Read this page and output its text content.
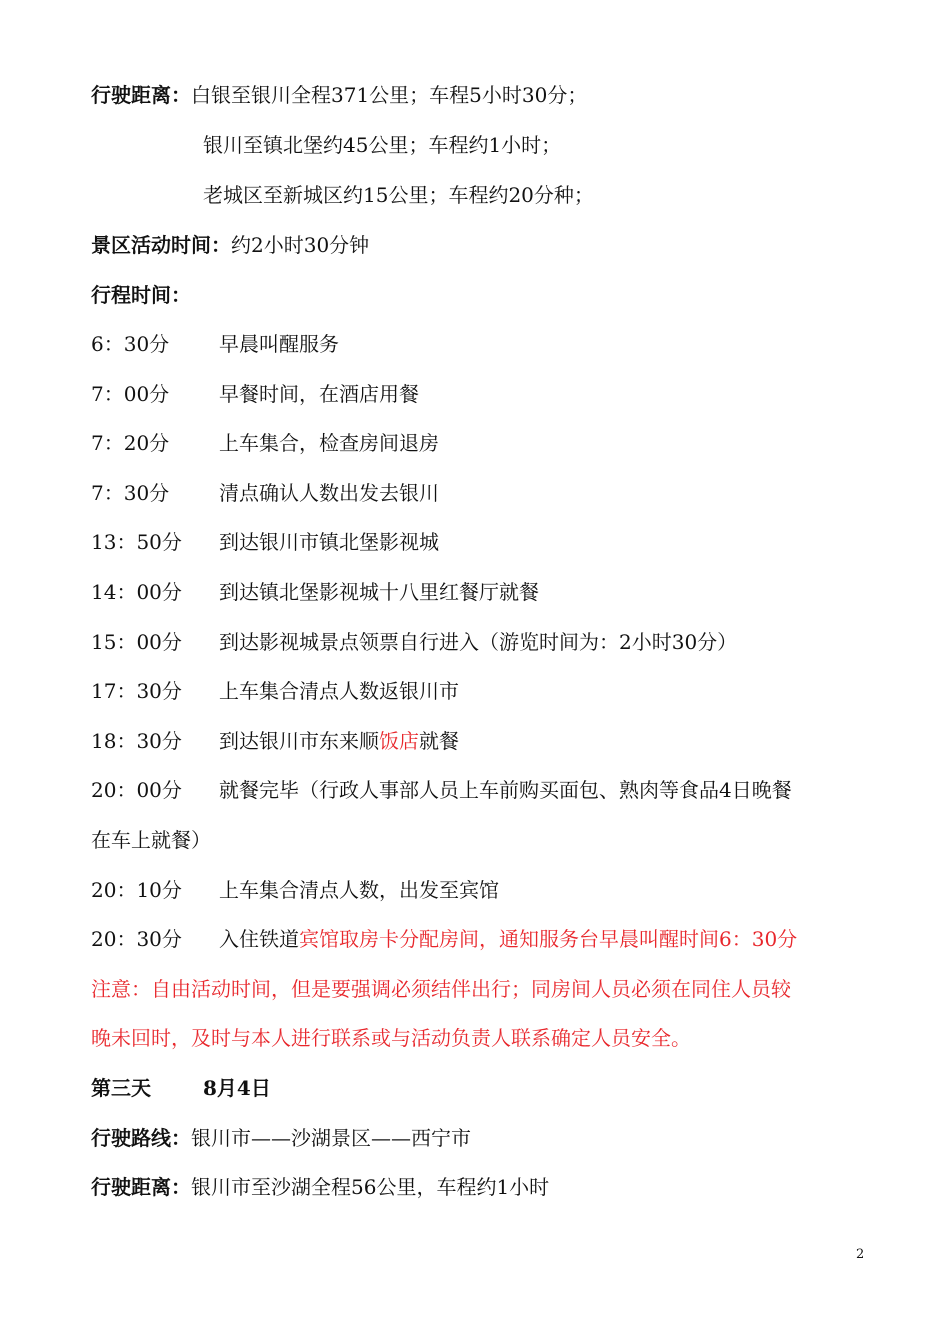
行驶距离：白银至银川全程371公里；车程5小时30分；
银川至镇北堡约45公里；车程约1小时；
老城区至新城区约15公里；车程约20分种；
景区活动时间：约2小时30分钟
行程时间：
6：30分 早晨叫醒服务
7：00分 早餐时间，在酒店用餐
7：20分 上车集合，检查房间退房
7：30分 清点确认人数出发去银川
13：50分 到达银川市镇北堡影视城
14：00分 到达镇北堡影视城十八里红餐厅就餐
15：00分 到达影视城景点领票自行进入（游览时间为：2小时30分）
17：30分 上车集合清点人数返银川市
18：30分 到达银川市东来顺饭店就餐
20：00分 就餐完毕（行政人事部人员上车前购买面包、熟肉等食品4日晚餐
在车上就餐）
20：10分 上车集合清点人数，出发至宾馆
20：30分 入住铁道宾馆取房卡分配房间，通知服务台早晨叫醒时间6：30分
注意：自由活动时间，但是要强调必须结伴出行；同房间人员必须在同住人员较
晚未回时，及时与本人进行联系或与活动负责人联系确定人员安全。
第三天	8月4日
行驶路线：银川市——沙湖景区——西宁市
行驶距离：银川市至沙湖全程56公里，车程约1小时
2
